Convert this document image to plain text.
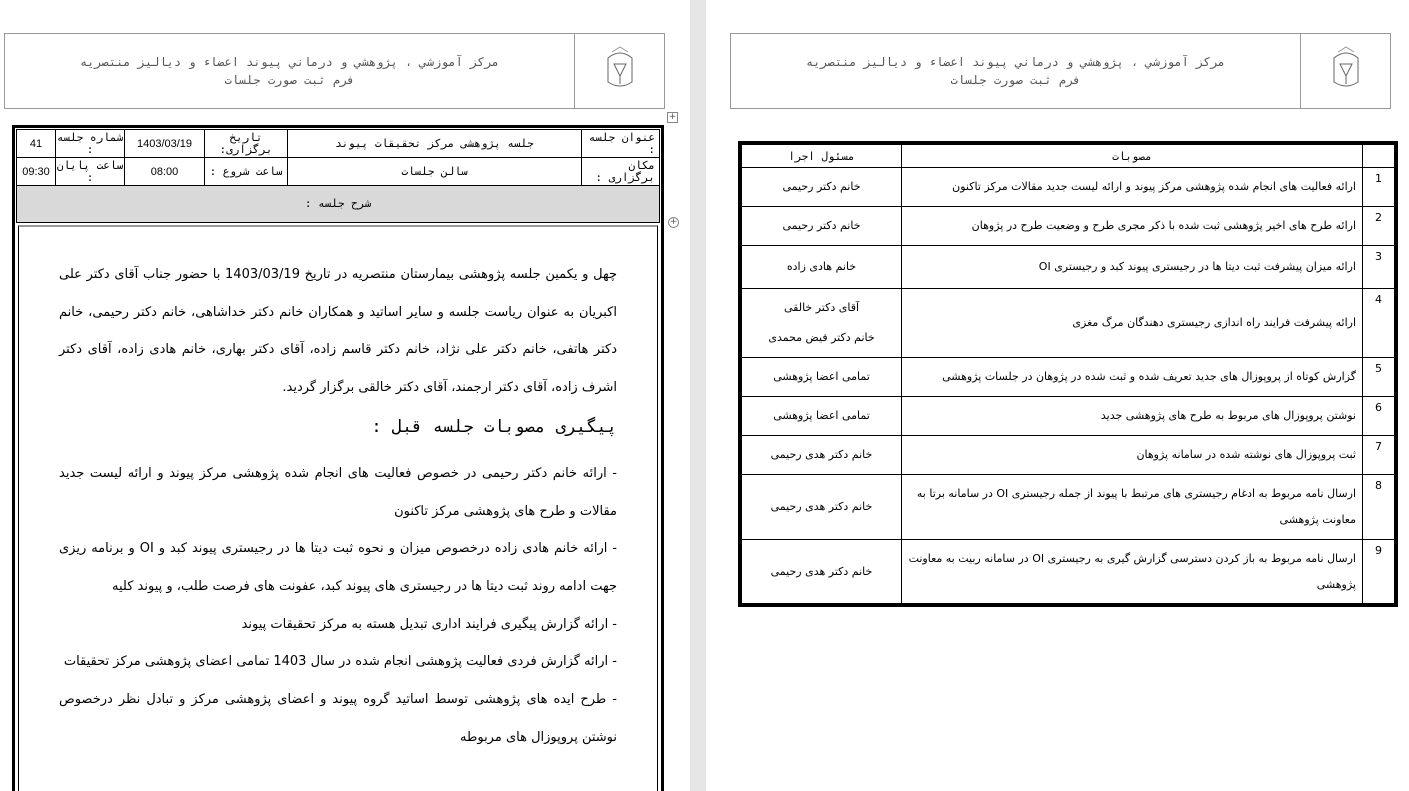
مرکز آموزشي ، پژوهشي و درماني پيوند اعضاء و ديالیز منتصريه
فرم ثبت صورت جلسات
+
عنوان جلسه :	جلسه پژوهشی مرکز تحقیقات پیوند	تاریخ برگزاری:	1403/03/19	شماره جلسه :	41
مکان برگزاری :	سالن جلسات	ساعت شروع :	08:00	ساعت پایان :	09:30
شرح جلسه :					

چهل و یکمین جلسه پژوهشی بیمارستان منتصریه در تاریخ 1403/03/19 با حضور جناب آقای دکتر علی اکبریان به عنوان ریاست جلسه و سایر اساتید و همکاران خانم دکتر خداشاهی، خانم دکتر رحیمی، خانم دکتر هاتفی، خانم دکتر علی نژاد، خانم دکتر قاسم زاده، آقای دکتر بهاری، خانم هادی زاده، آقای دکتر اشرف زاده، آقای دکتر ارجمند، آقای دکتر خالقی برگزار گردید.

پیگیری مصوبات جلسه قبل :

- ارائه خانم دکتر رحیمی در خصوص فعالیت های انجام شده پژوهشی مرکز پیوند و ارائه لیست جدید مقالات و طرح های پژوهشی مرکز تاکنون

- ارائه خانم هادی زاده درخصوص میزان و نحوه ثبت دیتا ها در رجیستری پیوند کبد و OI و برنامه ریزی جهت ادامه روند ثبت دیتا ها در رجیستری های پیوند کبد، عفونت های فرصت طلب، و پیوند کلیه

- ارائه گزارش پیگیری فرایند اداری تبدیل هسته به مرکز تحقیقات پیوند

- ارائه گزارش فردی فعالیت پژوهشی انجام شده در سال 1403 تمامی اعضای پژوهشی مرکز تحقیقات

- طرح ایده های پژوهشی توسط اساتید گروه پیوند و اعضای پژوهشی مرکز و تبادل نظر درخصوص نوشتن پروپوزال های مربوطه

+
مرکز آموزشي ، پژوهشي و درماني پيوند اعضاء و ديالیز منتصريه
فرم ثبت صورت جلسات
	مصوبات	مسئول اجرا
1	ارائه فعالیت های انجام شده پژوهشی مرکز پیوند و ارائه لیست جدید مقالات مرکز تاکنون	خانم دکتر رحیمی

2	ارائه طرح های اخیر پژوهشی ثبت شده با ذکر مجری طرح و وضعیت طرح در پژوهان	خانم دکتر رحیمی

3	ارائه میزان پیشرفت ثبت دیتا ها در رجیستری پیوند کبد و رجیستری OI	خانم هادی زاده

4	ارائه پیشرفت فرایند راه اندازی رجیستری دهندگان مرگ مغزی	آقای دکتر خالقی
خانم دکتر فیض محمدی

5	گزارش کوتاه از پروپوزال های جدید تعریف شده و ثبت شده در پژوهان در جلسات پژوهشی	تمامی اعضا پژوهشی

6	نوشتن پروپوزال های مربوط به طرح های پژوهشی جدید	تمامی اعضا پژوهشی

7	ثبت پروپوزال های نوشته شده در سامانه پژوهان	خانم دکتر هدی رحیمی

8	ارسال نامه مربوط به ادغام رجیستری های مرتبط با پیوند از جمله رجیستری OI در سامانه برتا به معاونت پژوهشی	خانم دکتر هدی رحیمی

9	ارسال نامه مربوط به باز کردن دسترسی گزارش گیری به رجیستری OI در سامانه ربیت به معاونت پژوهشی	خانم دکتر هدی رحیمی
